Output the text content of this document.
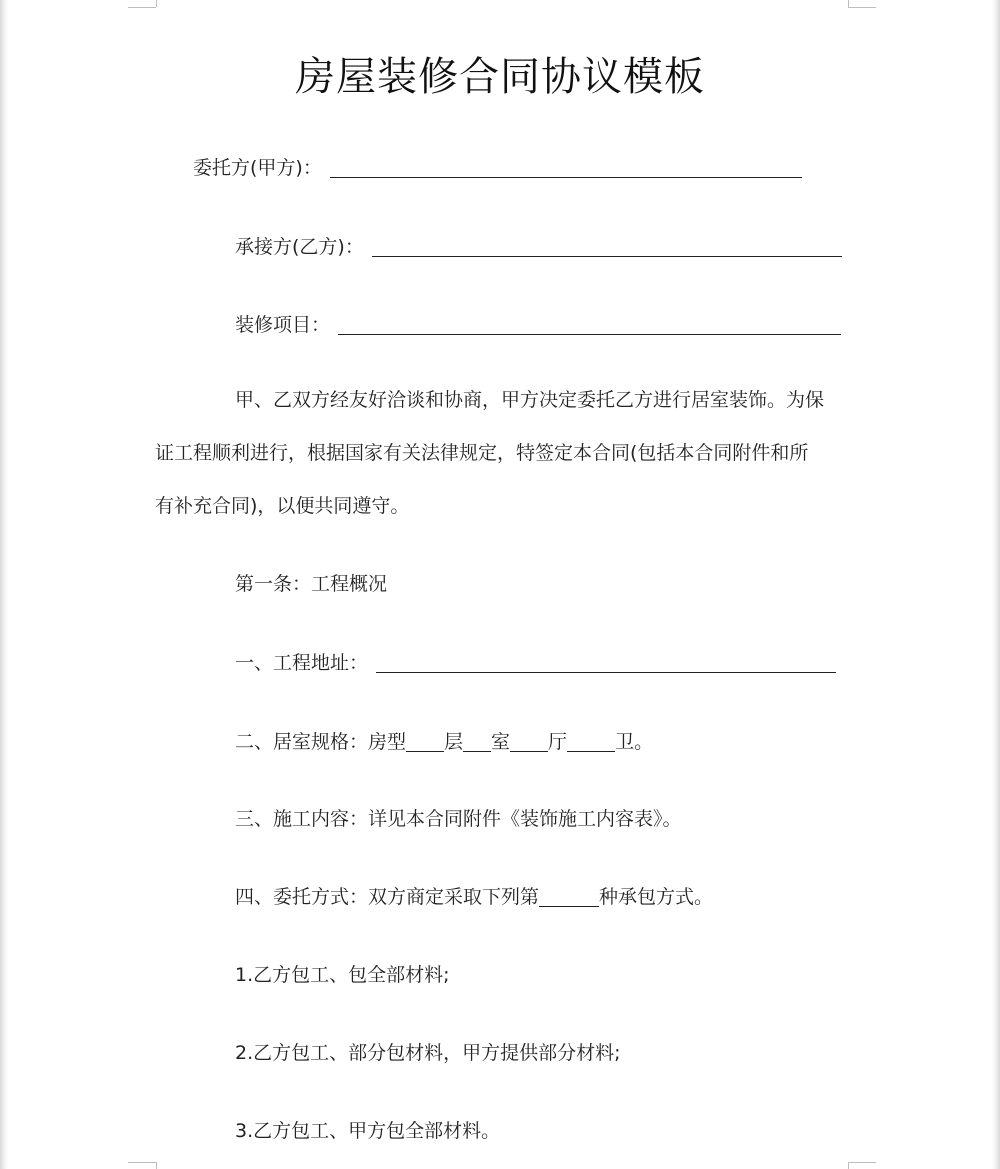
房屋装修合同协议模板
委托方(甲方)：
承接方(乙方)：
装修项目：
甲、乙双方经友好洽谈和协商，甲方决定委托乙方进行居室装饰。为保
证工程顺利进行，根据国家有关法律规定，特签定本合同(包括本合同附件和所
有补充合同)，以便共同遵守。
第一条：工程概况
一、工程地址：
二、居室规格：房型 层 室 厅	卫。
三、施工内容：详见本合同附件《装饰施工内容表》。
四、委托方式：双方商定采取下列第	种承包方式。
1.乙方包工、包全部材料;
2.乙方包工、部分包材料，甲方提供部分材料;
3.乙方包工、甲方包全部材料。
